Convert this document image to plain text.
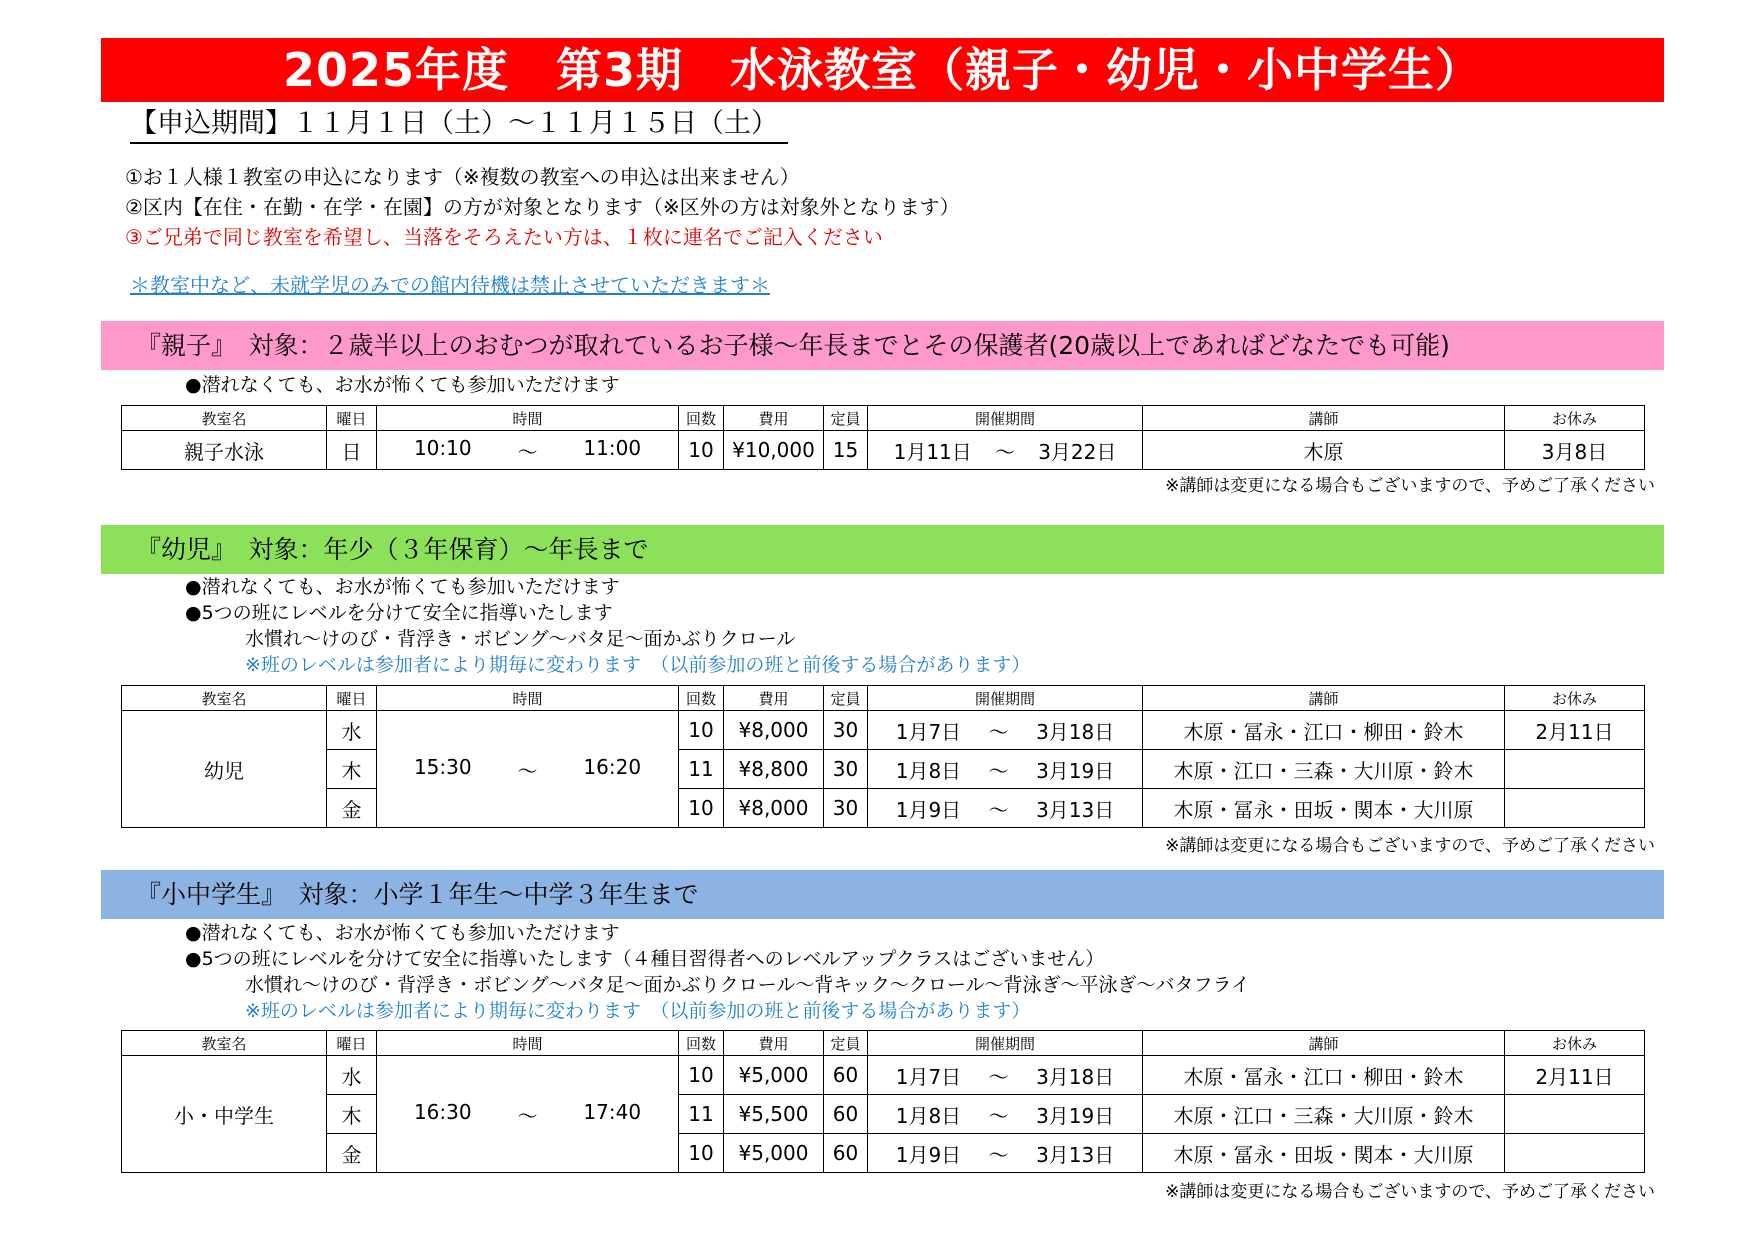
2025年度　第3期　水泳教室（親子・幼児・小中学生）
【申込期間】１１月１日（土）～１１月１５日（土）
①お１人様１教室の申込になります（※複数の教室への申込は出来ません）
②区内【在住・在勤・在学・在園】の方が対象となります（※区外の方は対象外となります）
③ご兄弟で同じ教室を希望し、当落をそろえたい方は、１枚に連名でご記入ください
＊教室中など、未就学児のみでの館内待機は禁止させていただきます＊
『親子』　対象：２歳半以上のおむつが取れているお子様～年長までとその保護者(20歳以上であればどなたでも可能)
●潜れなくても、お水が怖くても参加いただけます
教室名	曜日	時間	回数	費用	定員	開催期間	講師	お休み
親子水泳	日	10:10 ～ 11:00	10	¥10,000	15	1月11日 ～ 3月22日	木原	3月8日
※講師は変更になる場合もございますので、予めご了承ください
『幼児』　対象：年少（３年保育）～年長まで
●潜れなくても、お水が怖くても参加いただけます
●5つの班にレベルを分けて安全に指導いたします
水慣れ～けのび・背浮き・ボビング～バタ足～面かぶりクロール
※班のレベルは参加者により期毎に変わります　（以前参加の班と前後する場合があります）
教室名	曜日	時間	回数	費用	定員	開催期間	講師	お休み
幼児	水	15:30 ～ 16:20	10	¥8,000	30	1月7日 ～ 3月18日	木原・冨永・江口・柳田・鈴木	2月11日
	木		11	¥8,800	30	1月8日 ～ 3月19日	木原・江口・三森・大川原・鈴木	
	金		10	¥8,000	30	1月9日 ～ 3月13日	木原・冨永・田坂・関本・大川原	
※講師は変更になる場合もございますので、予めご了承ください
『小中学生』　対象：小学１年生～中学３年生まで
●潜れなくても、お水が怖くても参加いただけます
●5つの班にレベルを分けて安全に指導いたします（４種目習得者へのレベルアップクラスはございません）
水慣れ～けのび・背浮き・ボビング～バタ足～面かぶりクロール～背キック～クロール～背泳ぎ～平泳ぎ～バタフライ
※班のレベルは参加者により期毎に変わります　（以前参加の班と前後する場合があります）
教室名	曜日	時間	回数	費用	定員	開催期間	講師	お休み
小・中学生	水	16:30 ～ 17:40	10	¥5,000	60	1月7日 ～ 3月18日	木原・冨永・江口・柳田・鈴木	2月11日
	木		11	¥5,500	60	1月8日 ～ 3月19日	木原・江口・三森・大川原・鈴木	
	金		10	¥5,000	60	1月9日 ～ 3月13日	木原・冨永・田坂・関本・大川原	
※講師は変更になる場合もございますので、予めご了承ください
